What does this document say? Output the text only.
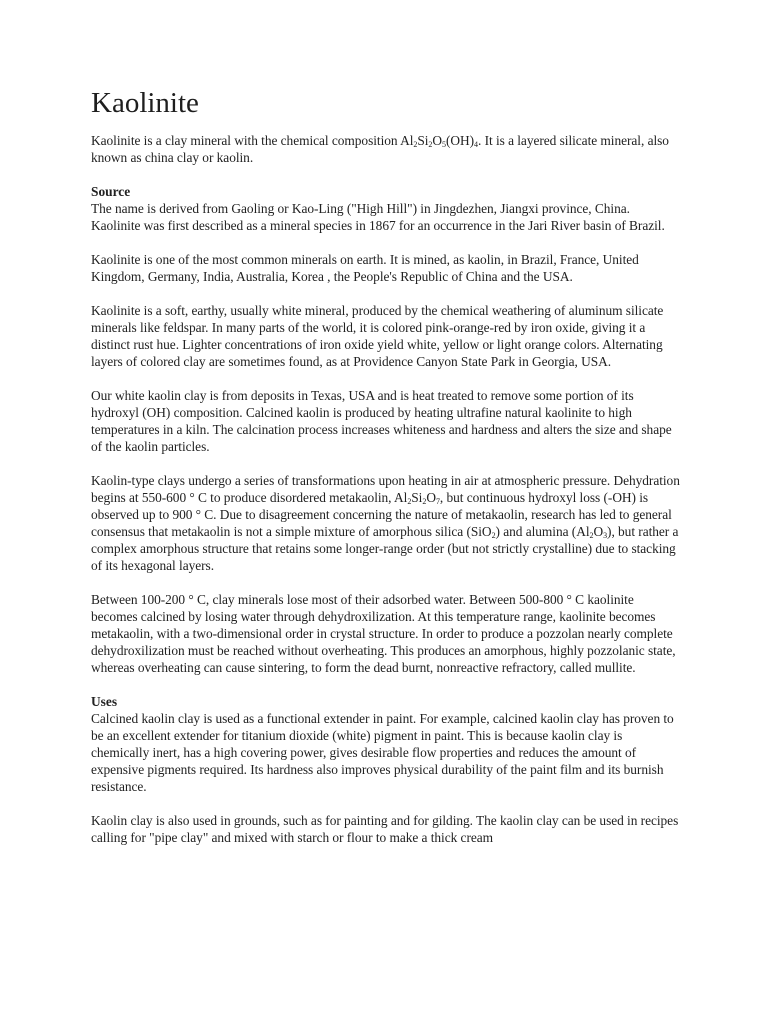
Kaolinite

Kaolinite is a clay mineral with the chemical composition $Al_2Si_2O_5(OH)_4$. It is a layered silicate mineral, also known as china clay or kaolin.

Source

The name is derived from Gaoling or Kao-Ling ("High Hill") in Jingdezhen, Jiangxi province, China. Kaolinite was first described as a mineral species in 1867 for an occurrence in the Jari River basin of Brazil.

Kaolinite is one of the most common minerals on earth. It is mined, as kaolin, in Brazil, France, United Kingdom, Germany, India, Australia, Korea , the People's Republic of China and the USA.

Kaolinite is a soft, earthy, usually white mineral, produced by the chemical weathering of aluminum silicate minerals like feldspar. In many parts of the world, it is colored pink-orange-red by iron oxide, giving it a distinct rust hue. Lighter concentrations of iron oxide yield white, yellow or light orange colors. Alternating layers of colored clay are sometimes found, as at Providence Canyon State Park in Georgia, USA.

Our white kaolin clay is from deposits in Texas, USA and is heat treated to remove some portion of its hydroxyl (OH) composition. Calcined kaolin is produced by heating ultrafine natural kaolinite to high temperatures in a kiln. The calcination process increases whiteness and hardness and alters the size and shape of the kaolin particles.

Kaolin-type clays undergo a series of transformations upon heating in air at atmospheric pressure. Dehydration begins at 550-600 ° C to produce disordered metakaolin, $Al_2Si_2O_7$, but continuous hydroxyl loss (-OH) is observed up to 900 ° C. Due to disagreement concerning the nature of metakaolin, research has led to general consensus that metakaolin is not a simple mixture of amorphous silica (SiO$_2$) and alumina $(Al_2O_3)$, but rather a complex amorphous structure that retains some longer-range order (but not strictly crystalline) due to stacking of its hexagonal layers.

Between 100-200 ° C, clay minerals lose most of their adsorbed water. Between 500-800 ° C kaolinite becomes calcined by losing water through dehydroxilization. At this temperature range, kaolinite becomes metakaolin, with a two-dimensional order in crystal structure. In order to produce a pozzolan nearly complete dehydroxilization must be reached without overheating. This produces an amorphous, highly pozzolanic state, whereas overheating can cause sintering, to form the dead burnt, nonreactive refractory, called mullite.

Uses

Calcined kaolin clay is used as a functional extender in paint. For example, calcined kaolin clay has proven to be an excellent extender for titanium dioxide (white) pigment in paint. This is because kaolin clay is chemically inert, has a high covering power, gives desirable flow properties and reduces the amount of expensive pigments required. Its hardness also improves physical durability of the paint film and its burnish resistance.

Kaolin clay is also used in grounds, such as for painting and for gilding. The kaolin clay can be used in recipes calling for "pipe clay" and mixed with starch or flour to make a thick cream
